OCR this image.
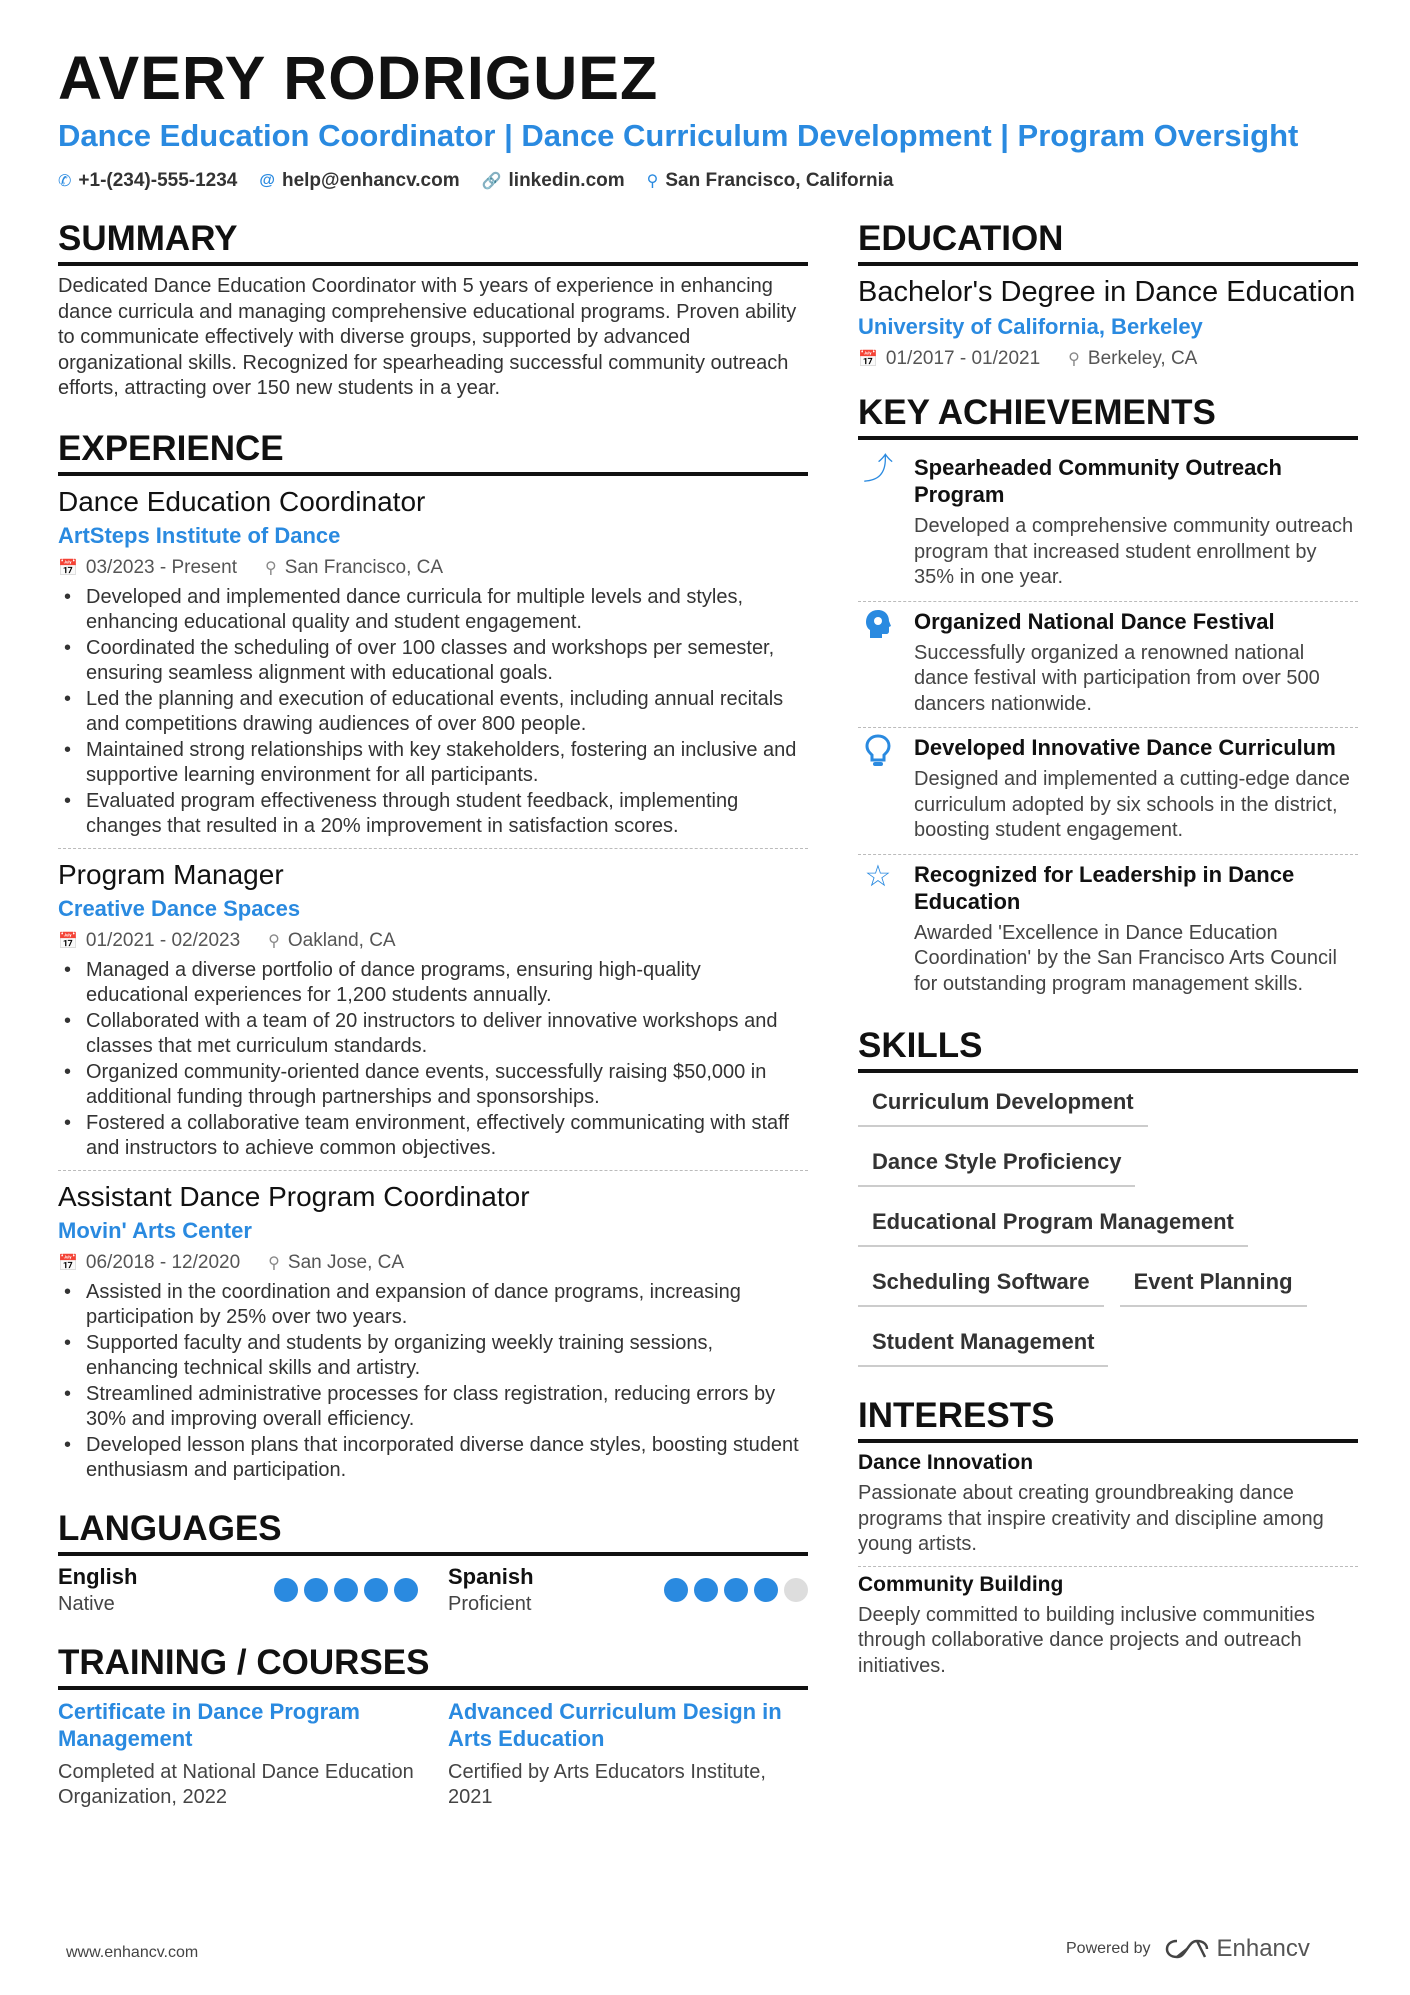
AVERY RODRIGUEZ
Dance Education Coordinator | Dance Curriculum Development | Program Oversight
✆ +1-(234)-555-1234 @ help@enhancv.com 🔗 linkedin.com ⚲ San Francisco, California
SUMMARY
Dedicated Dance Education Coordinator with 5 years of experience in enhancing dance curricula and managing comprehensive educational programs. Proven ability to communicate effectively with diverse groups, supported by advanced organizational skills. Recognized for spearheading successful community outreach efforts, attracting over 150 new students in a year.
EXPERIENCE
Dance Education Coordinator
ArtSteps Institute of Dance
📅 03/2023 - Present ⚲ San Francisco, CA
• Developed and implemented dance curricula for multiple levels and styles, enhancing educational quality and student engagement.
• Coordinated the scheduling of over 100 classes and workshops per semester, ensuring seamless alignment with educational goals.
• Led the planning and execution of educational events, including annual recitals and competitions drawing audiences of over 800 people.
• Maintained strong relationships with key stakeholders, fostering an inclusive and supportive learning environment for all participants.
• Evaluated program effectiveness through student feedback, implementing changes that resulted in a 20% improvement in satisfaction scores.
Program Manager
Creative Dance Spaces
📅 01/2021 - 02/2023 ⚲ Oakland, CA
• Managed a diverse portfolio of dance programs, ensuring high-quality educational experiences for 1,200 students annually.
• Collaborated with a team of 20 instructors to deliver innovative workshops and classes that met curriculum standards.
• Organized community-oriented dance events, successfully raising $50,000 in additional funding through partnerships and sponsorships.
• Fostered a collaborative team environment, effectively communicating with staff and instructors to achieve common objectives.
Assistant Dance Program Coordinator
Movin' Arts Center
📅 06/2018 - 12/2020 ⚲ San Jose, CA
• Assisted in the coordination and expansion of dance programs, increasing participation by 25% over two years.
• Supported faculty and students by organizing weekly training sessions, enhancing technical skills and artistry.
• Streamlined administrative processes for class registration, reducing errors by 30% and improving overall efficiency.
• Developed lesson plans that incorporated diverse dance styles, boosting student enthusiasm and participation.
LANGUAGES
English
Native
Spanish
Proficient
TRAINING / COURSES
Certificate in Dance Program Management
Completed at National Dance Education Organization, 2022
Advanced Curriculum Design in Arts Education
Certified by Arts Educators Institute, 2021
EDUCATION
Bachelor's Degree in Dance Education
University of California, Berkeley
📅 01/2017 - 01/2021 ⚲ Berkeley, CA
KEY ACHIEVEMENTS
⤴ Spearheaded Community Outreach Program
Developed a comprehensive community outreach program that increased student enrollment by 35% in one year.
Organized National Dance Festival
Successfully organized a renowned national dance festival with participation from over 500 dancers nationwide.
Developed Innovative Dance Curriculum
Designed and implemented a cutting-edge dance curriculum adopted by six schools in the district, boosting student engagement.
☆ Recognized for Leadership in Dance Education
Awarded 'Excellence in Dance Education Coordination' by the San Francisco Arts Council for outstanding program management skills.
SKILLS
Curriculum Development
Dance Style Proficiency
Educational Program Management
Scheduling Software	Event Planning
Student Management
INTERESTS
Dance Innovation
Passionate about creating groundbreaking dance programs that inspire creativity and discipline among young artists.
Community Building
Deeply committed to building inclusive communities through collaborative dance projects and outreach initiatives.
www.enhancv.com	Powered by	Enhancv
